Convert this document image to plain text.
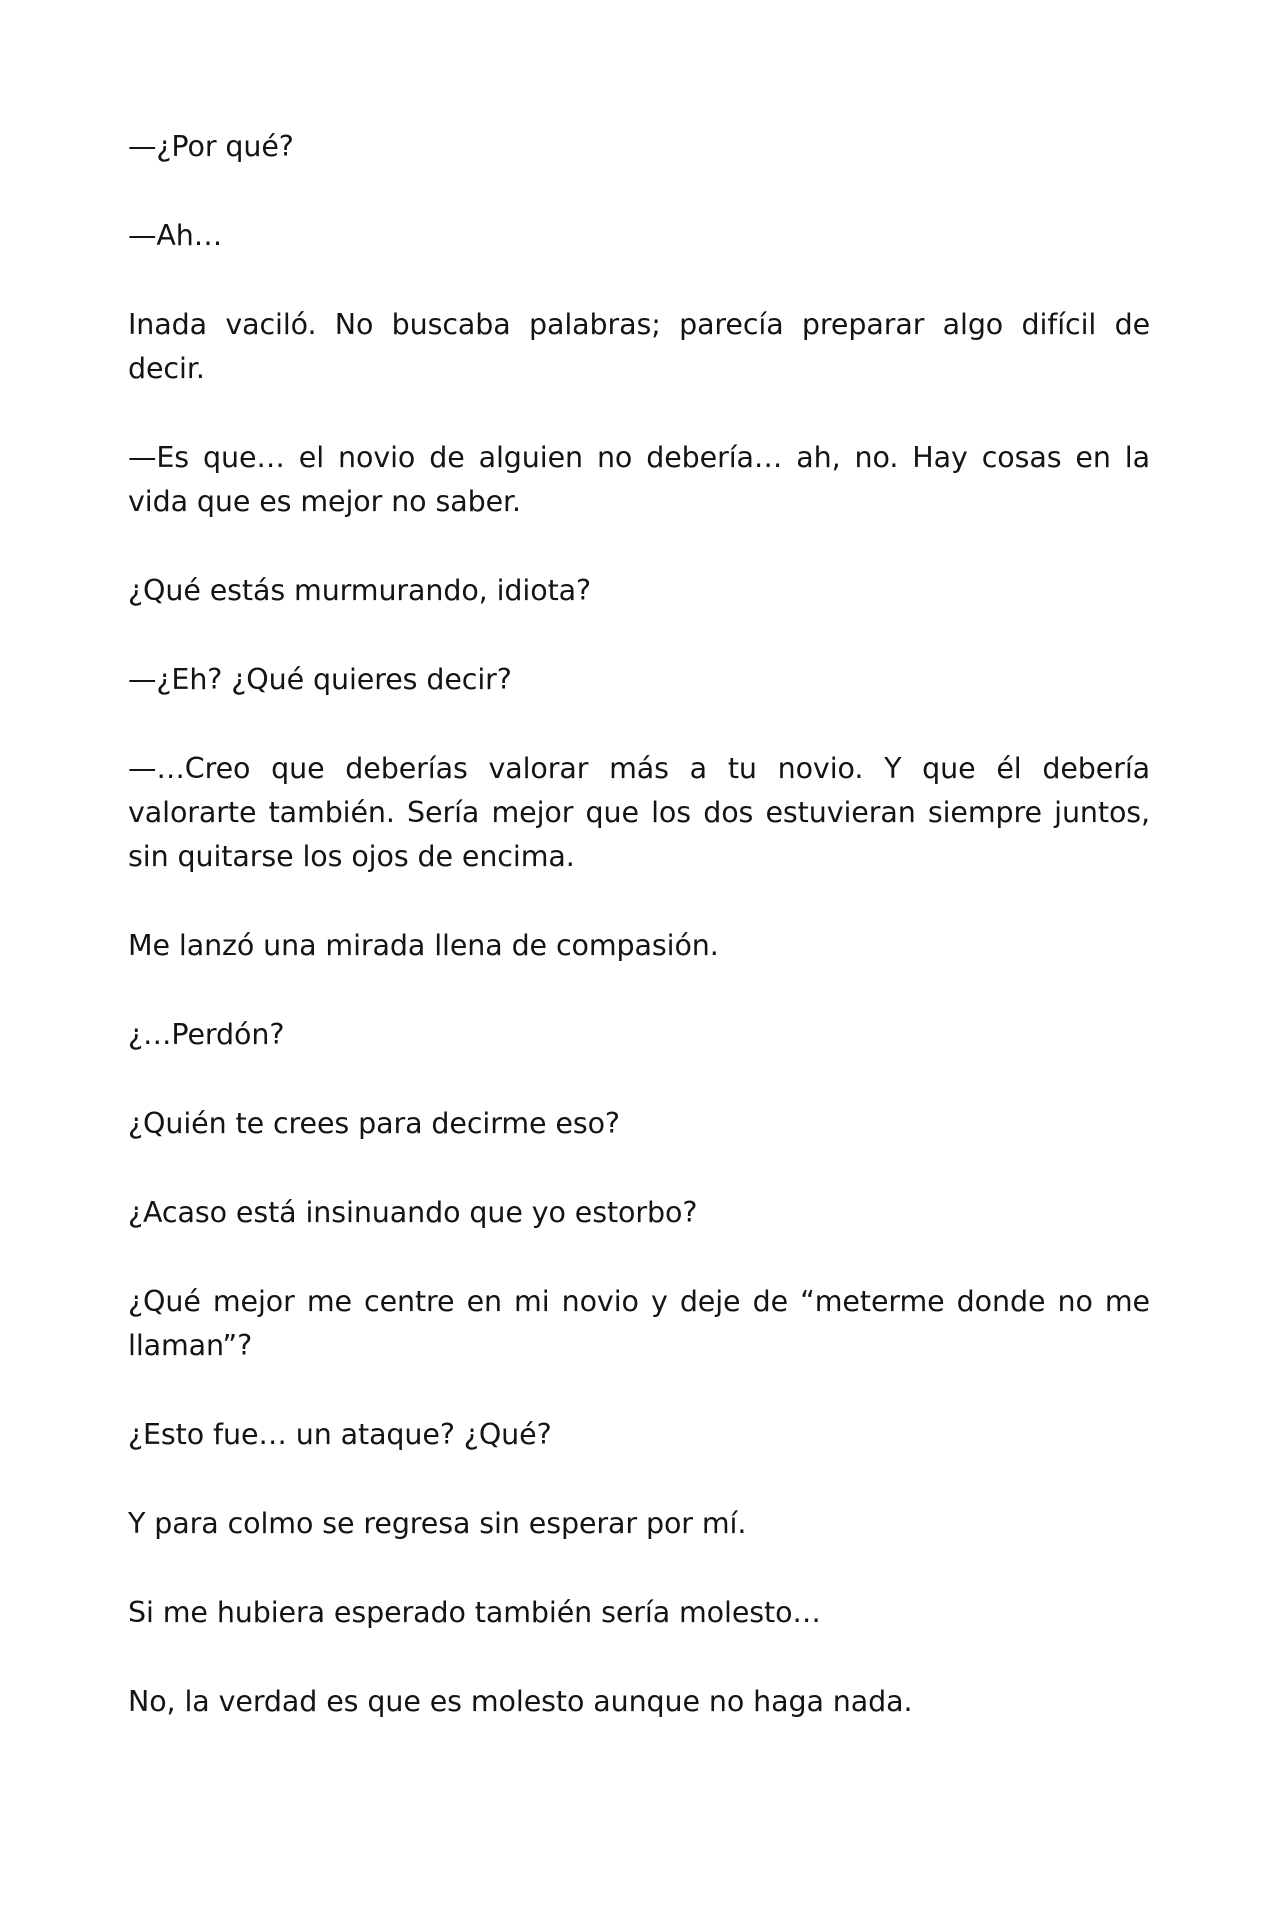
—¿Por qué?

—Ah…

Inada vaciló. No buscaba palabras; parecía preparar algo difícil de decir.

—Es que… el novio de alguien no debería… ah, no. Hay cosas en la vida que es mejor no saber.

¿Qué estás murmurando, idiota?

—¿Eh? ¿Qué quieres decir?

—…Creo que deberías valorar más a tu novio. Y que él debería valorarte también. Sería mejor que los dos estuvieran siempre juntos, sin quitarse los ojos de encima.

Me lanzó una mirada llena de compasión.

¿…Perdón?

¿Quién te crees para decirme eso?

¿Acaso está insinuando que yo estorbo?

¿Qué mejor me centre en mi novio y deje de “meterme donde no me llaman”?

¿Esto fue… un ataque? ¿Qué?

Y para colmo se regresa sin esperar por mí.

Si me hubiera esperado también sería molesto…

No, la verdad es que es molesto aunque no haga nada.
